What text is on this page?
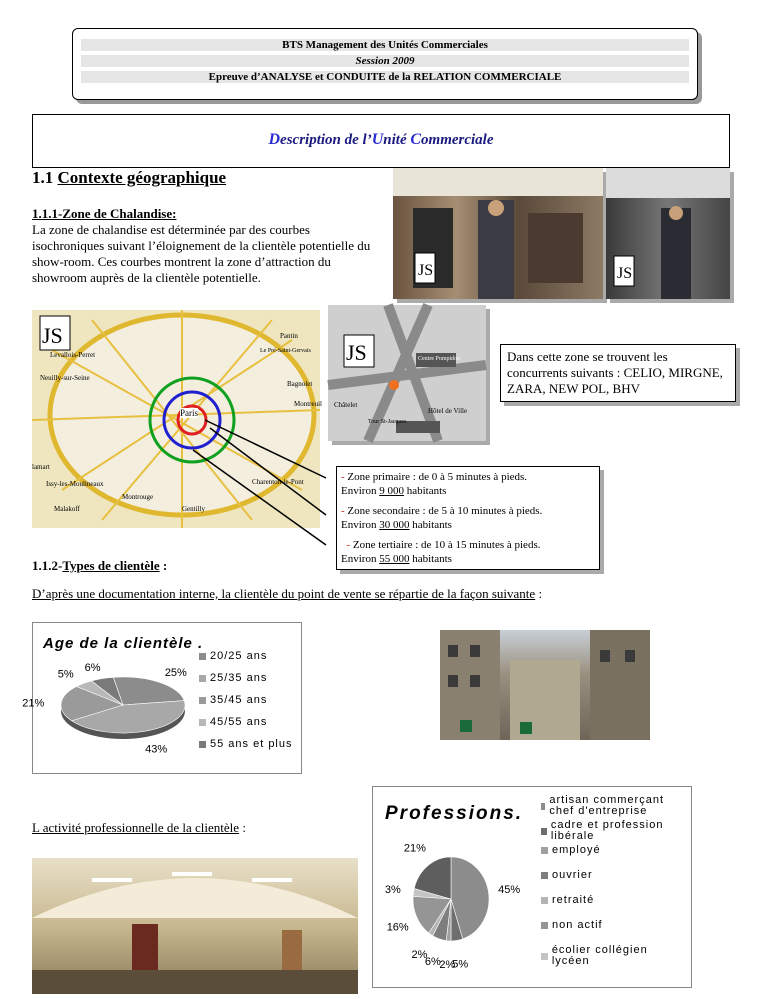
BTS Management des Unités Commerciales
Session 2009
Epreuve d’ANALYSE et CONDUITE de la RELATION COMMERCIALE
Description de l’Unité Commerciale
1.1 Contexte géographique
1.1.1-Zone de Chalandise:
La zone de chalandise est déterminée par des courbes isochroniques suivant l’éloignement de la clientèle potentielle du show-room. Ces courbes montrent la zone d’attraction du showroom auprès de la clientèle potentielle.	JS	JS
JS
Paris
Levallois-Perret
Neuilly-sur-Seine
Pantin
Le Pré-Saint-Gervais
Bagnolet
Montreuil
lamart
Issy-les-Moulineaux
Montrouge
Malakoff	Gentilly
Charenton-le-Pont
JS	Centre Pompidou
Châtelet
Hôtel de Ville
Tour St-Jacques
Dans cette zone se trouvent les concurrents suivants : CELIO, MIRGNE, ZARA, NEW POL, BHV
- Zone primaire : de 0 à 5 minutes à pieds.
Environ 9 000 habitants
- Zone secondaire : de 5 à 10 minutes à pieds.
Environ 30 000 habitants
- Zone tertiaire : de 10 à 15 minutes à pieds.
Environ 55 000 habitants
1.1.2-Types de clientèle :
D’après une documentation interne, la clientèle du point de vente se répartie de la façon suivante :
Age de la clientèle .
25%
43%
21%
5%
6%
20/25 ans
25/35 ans
35/45 ans
45/55 ans
55 ans et plus
Professions.
45%
5%
2%
6%
2%
16%
3%
21%
artisan commerçant chef d'entreprise
cadre et profession libérale
employé
ouvrier
retraité
non actif
écolier collégien lycéen
L activité professionnelle de la clientèle :
